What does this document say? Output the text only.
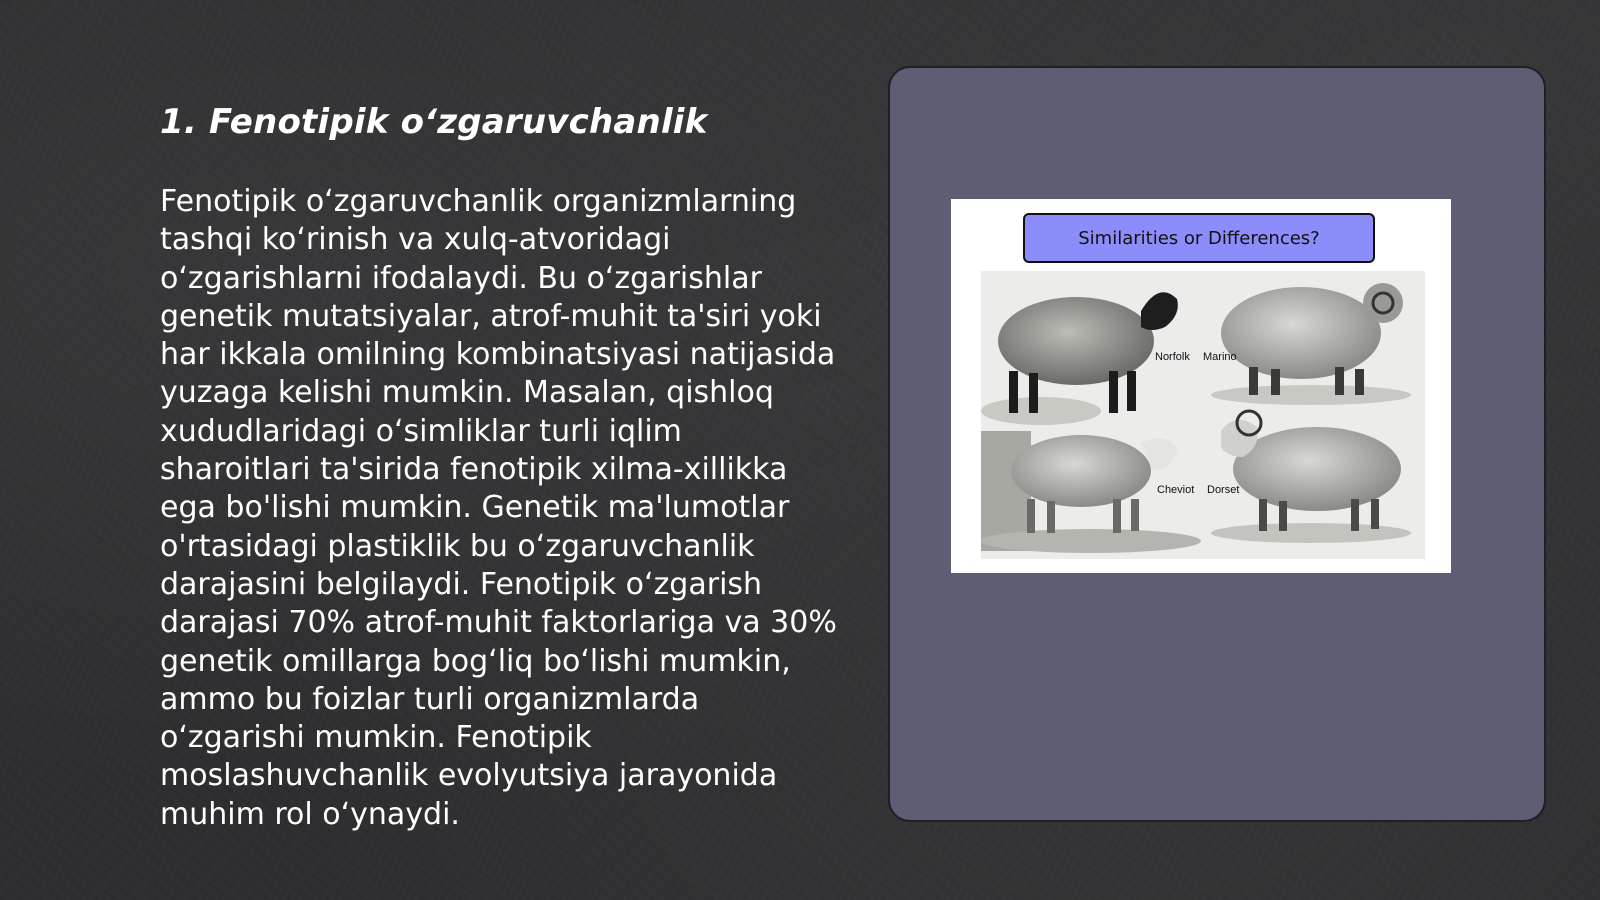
1. Fenotipik o‘zgaruvchanlik

Fenotipik o‘zgaruvchanlik organizmlarning tashqi ko‘rinish va xulq-atvoridagi o‘zgarishlarni ifodalaydi. Bu o‘zgarishlar genetik mutatsiyalar, atrof-muhit ta'siri yoki har ikkala omilning kombinatsiyasi natijasida yuzaga kelishi mumkin. Masalan, qishloq xududlaridagi o‘simliklar turli iqlim sharoitlari ta'sirida fenotipik xilma-xillikka ega bo'lishi mumkin. Genetik ma'lumotlar o'rtasidagi plastiklik bu o‘zgaruvchanlik darajasini belgilaydi. Fenotipik o‘zgarish darajasi 70% atrof-muhit faktorlariga va 30% genetik omillarga bog‘liq bo‘lishi mumkin, ammo bu foizlar turli organizmlarda o‘zgarishi mumkin. Fenotipik moslashuvchanlik evolyutsiya jarayonida muhim rol o‘ynaydi.

Similarities or Differences?
Norfolk Marino
Cheviot Dorset
